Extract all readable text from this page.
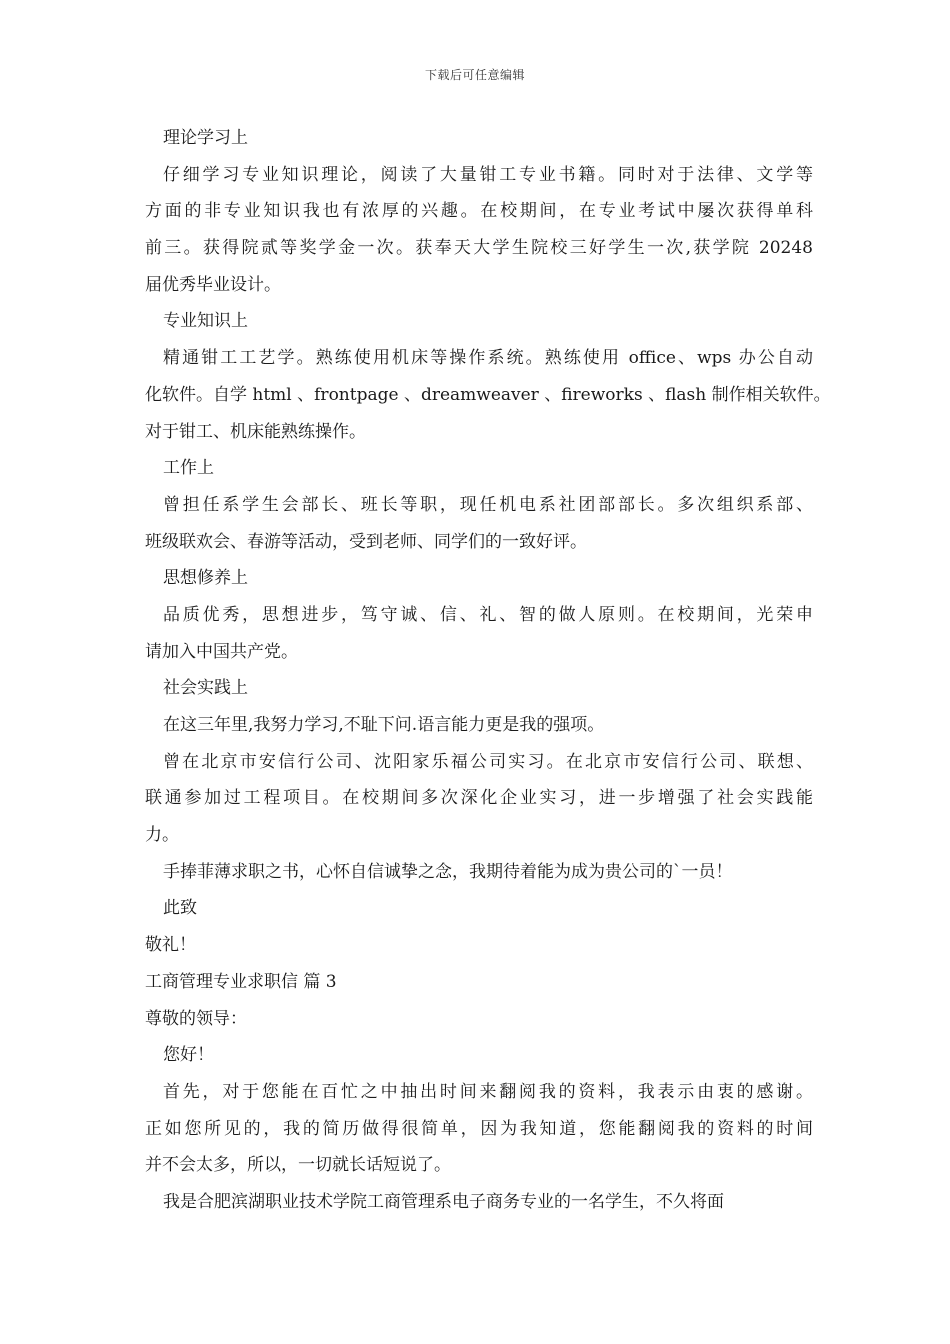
下载后可任意编辑
理论学习上
仔细学习专业知识理论，阅读了大量钳工专业书籍。同时对于法律、文学等
方面的非专业知识我也有浓厚的兴趣。在校期间，在专业考试中屡次获得单科
前三。获得院贰等奖学金一次。获奉天大学生院校三好学生一次,获学院 20248
届优秀毕业设计。
专业知识上
精通钳工工艺学。熟练使用机床等操作系统。熟练使用 office、wps 办公自动
化软件。自学 html 、frontpage 、dreamweaver 、fireworks 、flash 制作相关软件。
对于钳工、机床能熟练操作。
工作上
曾担任系学生会部长、班长等职，现任机电系社团部部长。多次组织系部、
班级联欢会、春游等活动，受到老师、同学们的一致好评。
思想修养上
品质优秀，思想进步，笃守诚、信、礼、智的做人原则。在校期间，光荣申
请加入中国共产党。
社会实践上
在这三年里,我努力学习,不耻下问.语言能力更是我的强项。
曾在北京市安信行公司、沈阳家乐福公司实习。在北京市安信行公司、联想、
联通参加过工程项目。在校期间多次深化企业实习，进一步增强了社会实践能
力。
手捧菲薄求职之书，心怀自信诚挚之念，我期待着能为成为贵公司的`一员！
此致
敬礼！
工商管理专业求职信 篇 3
尊敬的领导：
您好！
首先，对于您能在百忙之中抽出时间来翻阅我的资料，我表示由衷的感谢。
正如您所见的，我的简历做得很简单，因为我知道，您能翻阅我的资料的时间
并不会太多，所以，一切就长话短说了。
我是合肥滨湖职业技术学院工商管理系电子商务专业的一名学生，不久将面
